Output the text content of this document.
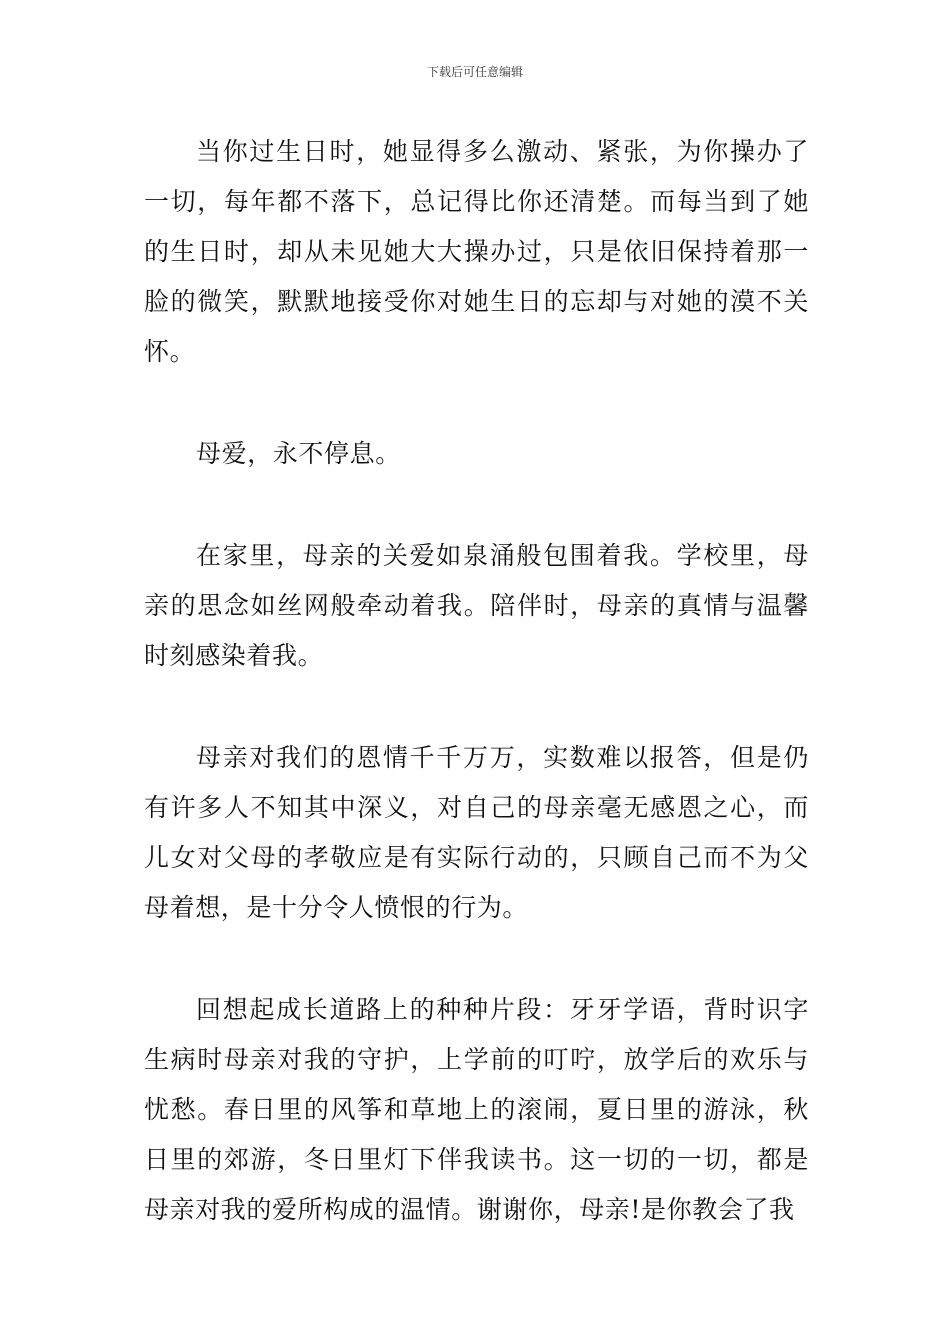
下载后可任意编辑

当你过生日时，她显得多么激动、紧张，为你操办了一切，每年都不落下，总记得比你还清楚。而每当到了她的生日时，却从未见她大大操办过，只是依旧保持着那一脸的微笑，默默地接受你对她生日的忘却与对她的漠不关怀。

母爱，永不停息。

在家里，母亲的关爱如泉涌般包围着我。学校里，母亲的思念如丝网般牵动着我。陪伴时，母亲的真情与温馨时刻感染着我。

母亲对我们的恩情千千万万，实数难以报答，但是仍有许多人不知其中深义，对自己的母亲毫无感恩之心，而儿女对父母的孝敬应是有实际行动的，只顾自己而不为父母着想，是十分令人愤恨的行为。

回想起成长道路上的种种片段：牙牙学语，背时识字生病时母亲对我的守护，上学前的叮咛，放学后的欢乐与忧愁。春日里的风筝和草地上的滚闹，夏日里的游泳，秋日里的郊游，冬日里灯下伴我读书。这一切的一切，都是母亲对我的爱所构成的温情。谢谢你，母亲!是你教会了我
